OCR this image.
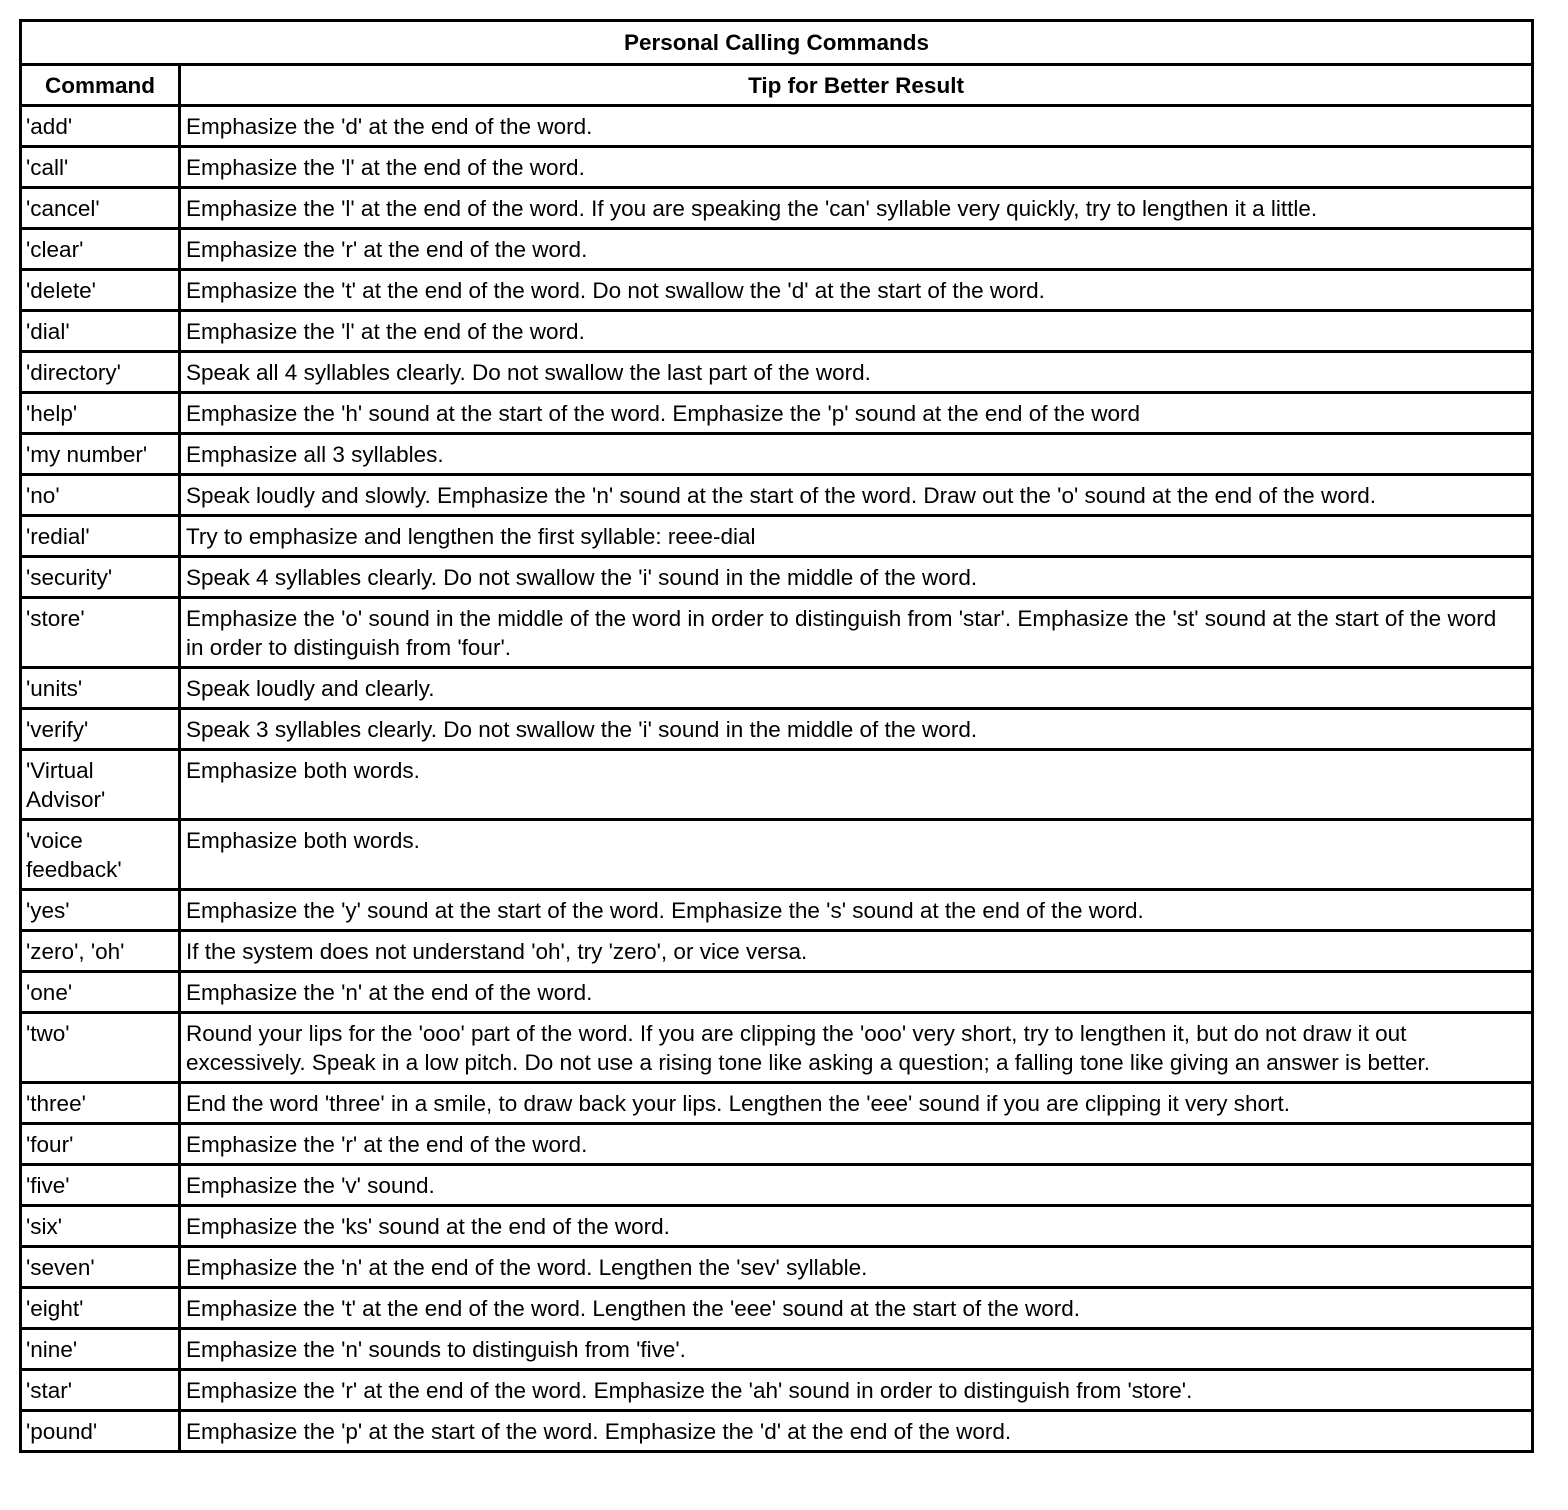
Personal Calling Commands	
Command	Tip for Better Result
'add'	Emphasize the 'd' at the end of the word.
'call'	Emphasize the 'l' at the end of the word.
'cancel'	Emphasize the 'l' at the end of the word. If you are speaking the 'can' syllable very quickly, try to lengthen it a little.
'clear'	Emphasize the 'r' at the end of the word.
'delete'	Emphasize the 't' at the end of the word. Do not swallow the 'd' at the start of the word.
'dial'	Emphasize the 'l' at the end of the word.
'directory'	Speak all 4 syllables clearly. Do not swallow the last part of the word.
'help'	Emphasize the 'h' sound at the start of the word. Emphasize the 'p' sound at the end of the word
'my number'	Emphasize all 3 syllables.
'no'	Speak loudly and slowly. Emphasize the 'n' sound at the start of the word. Draw out the 'o' sound at the end of the word.
'redial'	Try to emphasize and lengthen the first syllable: reee-dial
'security'	Speak 4 syllables clearly. Do not swallow the 'i' sound in the middle of the word.
'store'	Emphasize the 'o' sound in the middle of the word in order to distinguish from 'star'. Emphasize the 'st' sound at the start of the word in order to distinguish from 'four'.
'units'	Speak loudly and clearly.
'verify'	Speak 3 syllables clearly. Do not swallow the 'i' sound in the middle of the word.
'Virtual Advisor'	Emphasize both words.
'voice feedback'	Emphasize both words.
'yes'	Emphasize the 'y' sound at the start of the word. Emphasize the 's' sound at the end of the word.
'zero', 'oh'	If the system does not understand 'oh', try 'zero', or vice versa.
'one'	Emphasize the 'n' at the end of the word.
'two'	Round your lips for the 'ooo' part of the word. If you are clipping the 'ooo' very short, try to lengthen it, but do not draw it out excessively. Speak in a low pitch. Do not use a rising tone like asking a question; a falling tone like giving an answer is better.
'three'	End the word 'three' in a smile, to draw back your lips. Lengthen the 'eee' sound if you are clipping it very short.
'four'	Emphasize the 'r' at the end of the word.
'five'	Emphasize the 'v' sound.
'six'	Emphasize the 'ks' sound at the end of the word.
'seven'	Emphasize the 'n' at the end of the word. Lengthen the 'sev' syllable.
'eight'	Emphasize the 't' at the end of the word. Lengthen the 'eee' sound at the start of the word.
'nine'	Emphasize the 'n' sounds to distinguish from 'five'.
'star'	Emphasize the 'r' at the end of the word. Emphasize the 'ah' sound in order to distinguish from 'store'.
'pound'	Emphasize the 'p' at the start of the word. Emphasize the 'd' at the end of the word.
